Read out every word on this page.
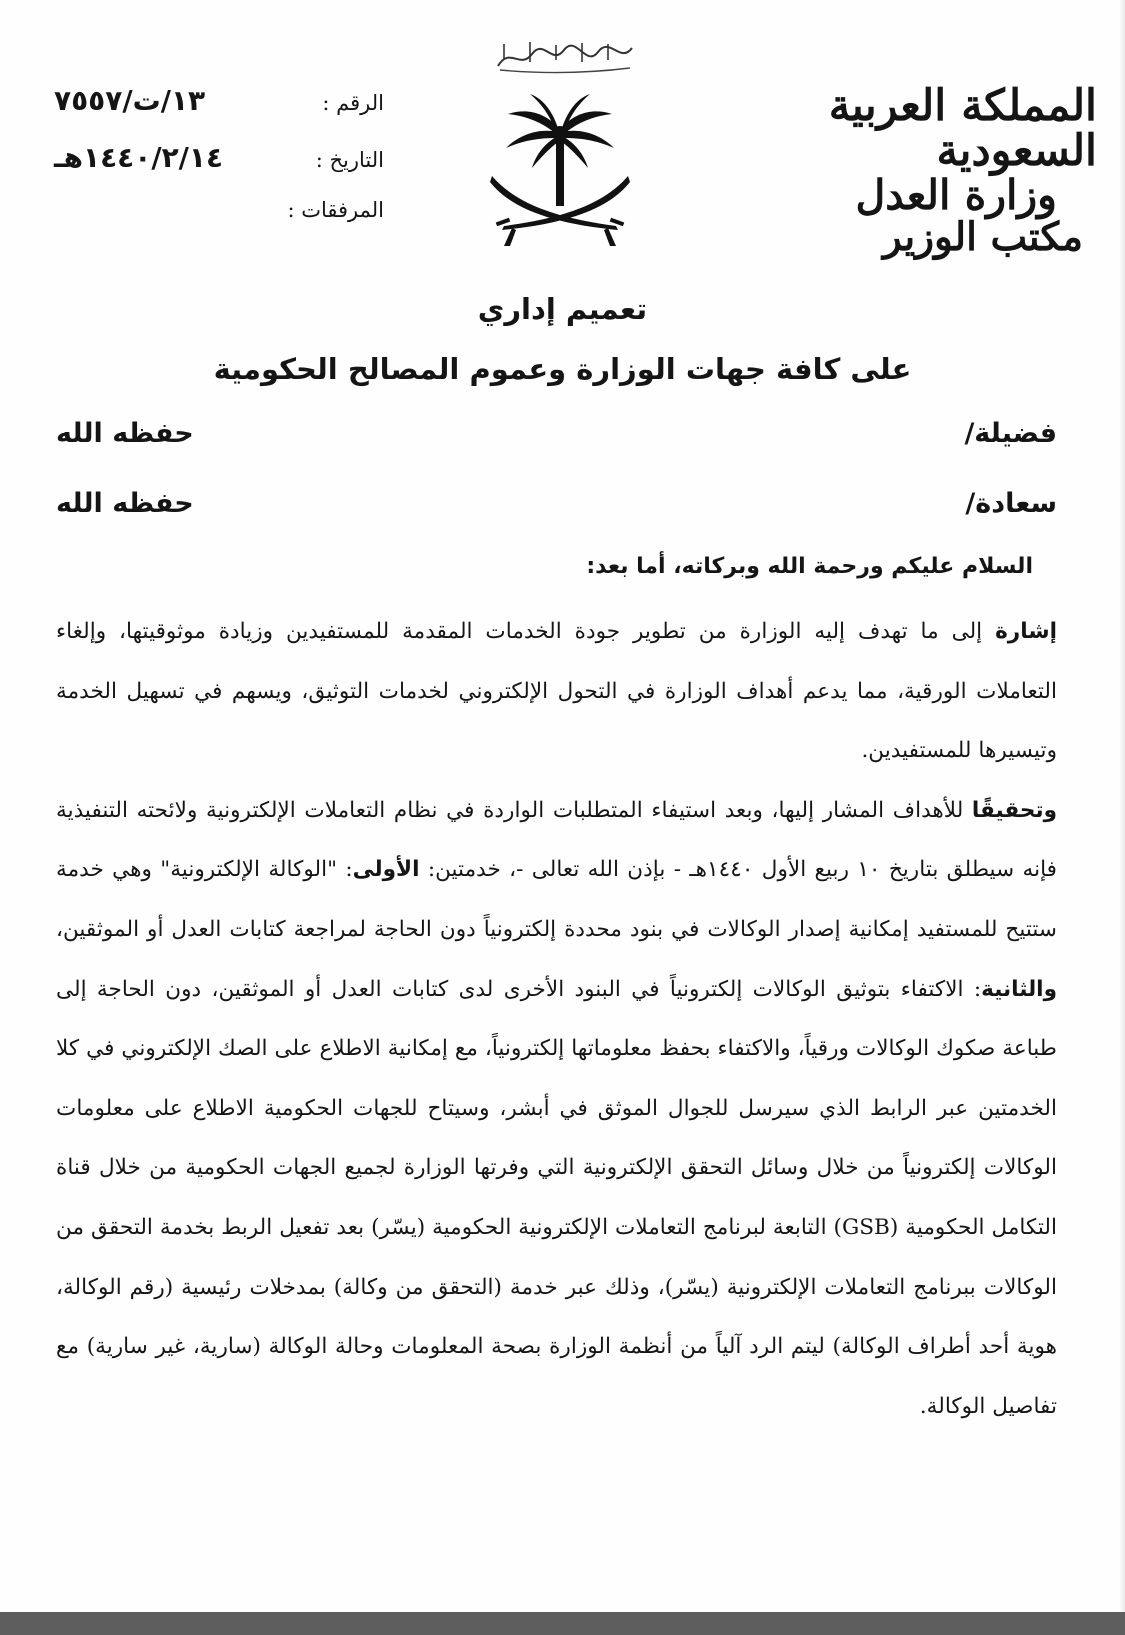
المملكة العربية السعودية
وزارة العدل
مكتب الوزير
الرقم :
١٣/ت/٧٥٥٧
التاريخ :
١٤٤٠/٢/١٤هـ
المرفقات :
تعميم إداري
على كافة جهات الوزارة وعموم المصالح الحكومية
فضيلة/
حفظه الله
سعادة/
حفظه الله
السلام عليكم ورحمة الله وبركاته، أما بعد:

إشارة إلى ما تهدف إليه الوزارة من تطوير جودة الخدمات المقدمة للمستفيدين وزيادة موثوقيتها، وإلغاء التعاملات الورقية، مما يدعم أهداف الوزارة في التحول الإلكتروني لخدمات التوثيق، ويسهم في تسهيل الخدمة وتيسيرها للمستفيدين.

وتحقيقًا للأهداف المشار إليها، وبعد استيفاء المتطلبات الواردة في نظام التعاملات الإلكترونية ولائحته التنفيذية فإنه سيطلق بتاريخ ١٠ ربيع الأول ١٤٤٠هـ - بإذن الله تعالى -، خدمتين: الأولى: "الوكالة الإلكترونية" وهي خدمة ستتيح للمستفيد إمكانية إصدار الوكالات في بنود محددة إلكترونياً دون الحاجة لمراجعة كتابات العدل أو الموثقين، والثانية: الاكتفاء بتوثيق الوكالات إلكترونياً في البنود الأخرى لدى كتابات العدل أو الموثقين، دون الحاجة إلى طباعة صكوك الوكالات ورقياً، والاكتفاء بحفظ معلوماتها إلكترونياً، مع إمكانية الاطلاع على الصك الإلكتروني في كلا الخدمتين عبر الرابط الذي سيرسل للجوال الموثق في أبشر، وسيتاح للجهات الحكومية الاطلاع على معلومات الوكالات إلكترونياً من خلال وسائل التحقق الإلكترونية التي وفرتها الوزارة لجميع الجهات الحكومية من خلال قناة التكامل الحكومية (GSB) التابعة لبرنامج التعاملات الإلكترونية الحكومية (يسّر) بعد تفعيل الربط بخدمة التحقق من الوكالات ببرنامج التعاملات الإلكترونية (يسّر)، وذلك عبر خدمة (التحقق من وكالة) بمدخلات رئيسية (رقم الوكالة، هوية أحد أطراف الوكالة) ليتم الرد آلياً من أنظمة الوزارة بصحة المعلومات وحالة الوكالة (سارية، غير سارية) مع تفاصيل الوكالة.
